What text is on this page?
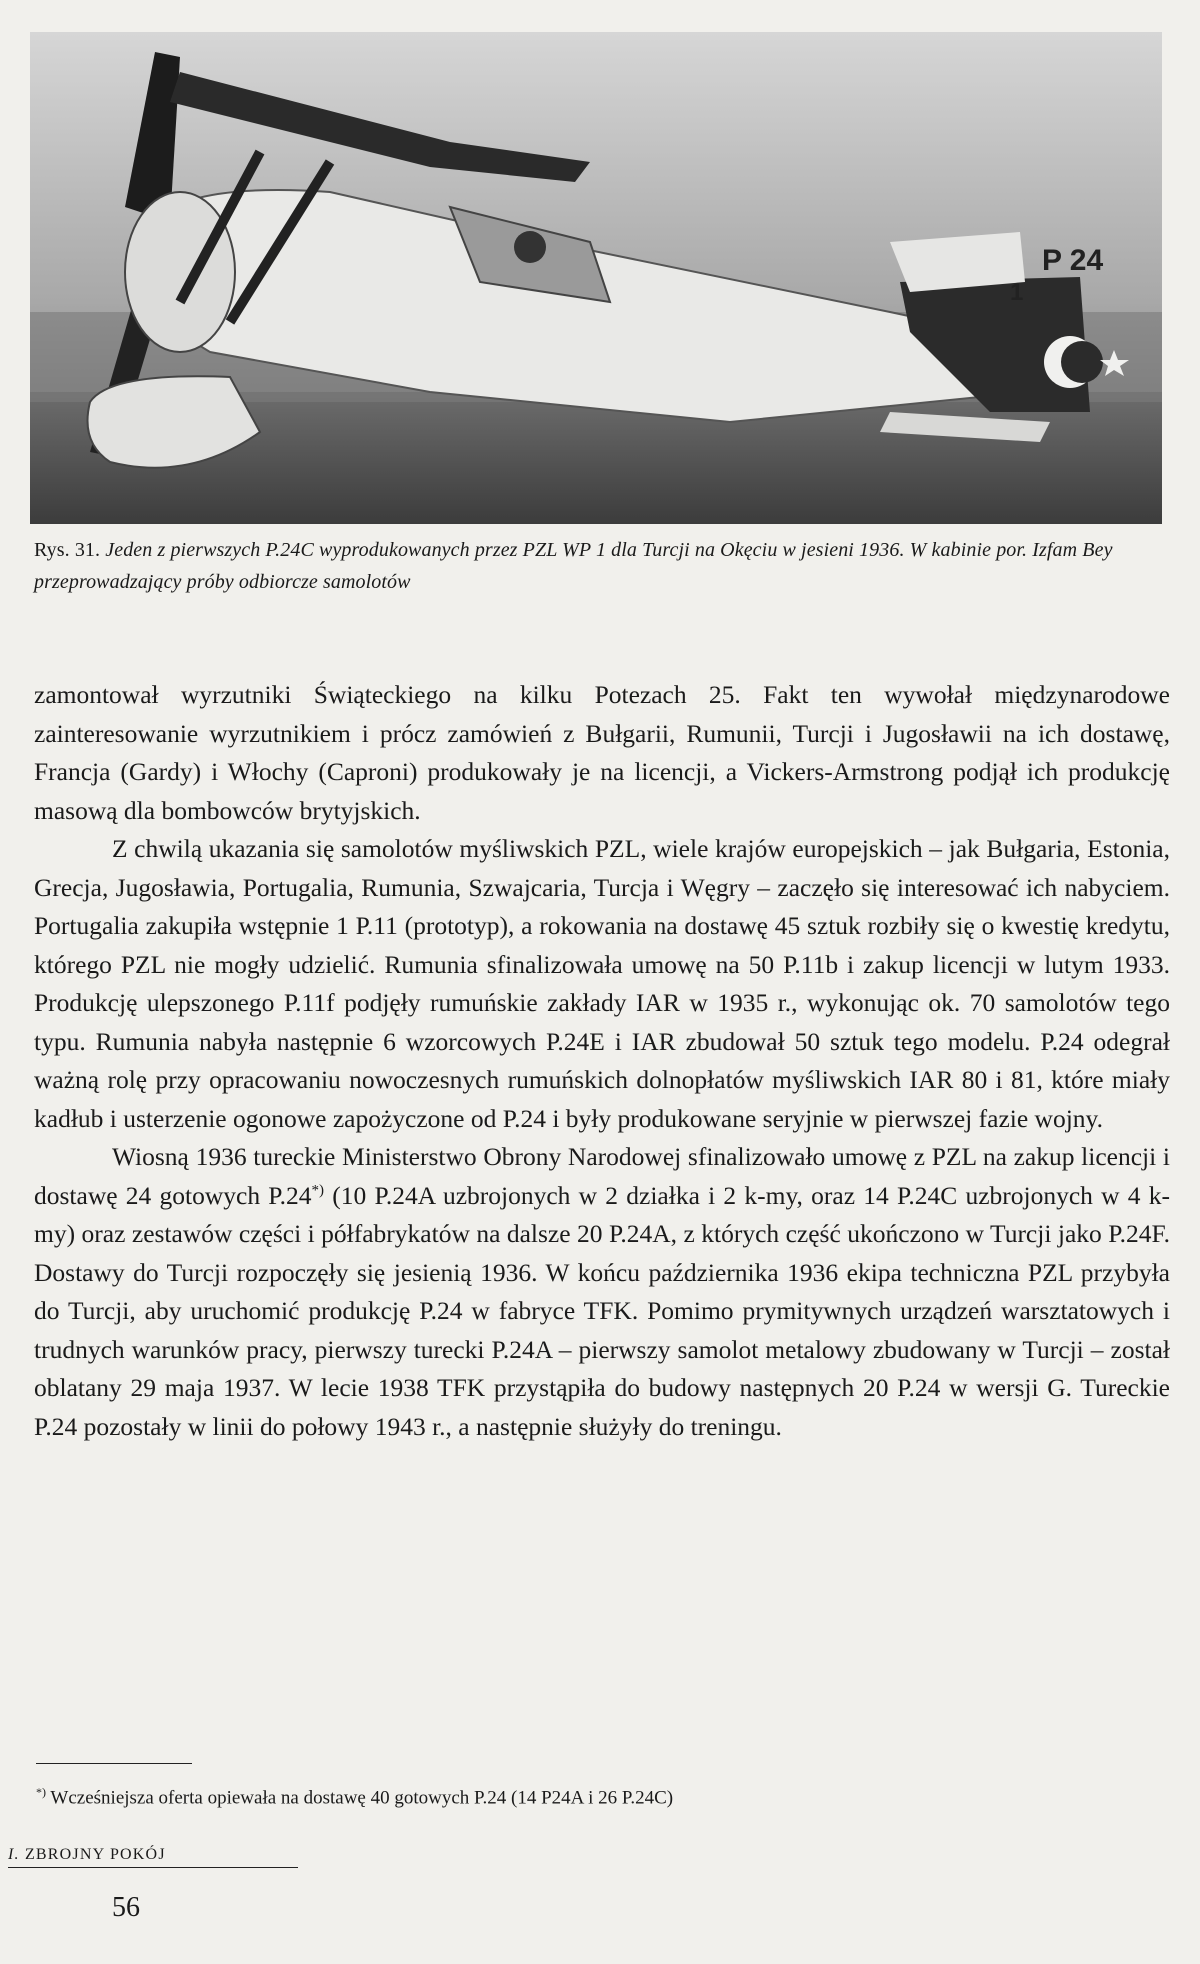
P 24
1
Rys. 31. Jeden z pierwszych P.24C wyprodukowanych przez PZL WP 1 dla Turcji na Okęciu w jesieni 1936. W kabinie por. Izfam Bey przeprowadzający próby odbiorcze samolotów

zamontował wyrzutniki Świąteckiego na kilku Potezach 25. Fakt ten wywołał międzynarodowe zainteresowanie wyrzutnikiem i prócz zamówień z Bułgarii, Rumunii, Turcji i Jugosławii na ich dostawę, Francja (Gardy) i Włochy (Caproni) produkowały je na licencji, a Vickers-Armstrong podjął ich produkcję masową dla bombowców brytyjskich.

Z chwilą ukazania się samolotów myśliwskich PZL, wiele krajów europejskich – jak Bułgaria, Estonia, Grecja, Jugosławia, Portugalia, Rumunia, Szwajcaria, Turcja i Węgry – zaczęło się interesować ich nabyciem. Portugalia zakupiła wstępnie 1 P.11 (prototyp), a rokowania na dostawę 45 sztuk rozbiły się o kwestię kredytu, którego PZL nie mogły udzielić. Rumunia sfinalizowała umowę na 50 P.11b i zakup licencji w lutym 1933. Produkcję ulepszonego P.11f podjęły rumuńskie zakłady IAR w 1935 r., wykonując ok. 70 samolotów tego typu. Rumunia nabyła następnie 6 wzorcowych P.24E i IAR zbudował 50 sztuk tego modelu. P.24 odegrał ważną rolę przy opracowaniu nowoczesnych rumuńskich dolnopłatów myśliwskich IAR 80 i 81, które miały kadłub i usterzenie ogonowe zapożyczone od P.24 i były produkowane seryjnie w pierwszej fazie wojny.

Wiosną 1936 tureckie Ministerstwo Obrony Narodowej sfinalizowało umowę z PZL na zakup licencji i dostawę 24 gotowych P.24*) (10 P.24A uzbrojonych w 2 działka i 2 k-my, oraz 14 P.24C uzbrojonych w 4 k-my) oraz zestawów części i półfabrykatów na dalsze 20 P.24A, z których część ukończono w Turcji jako P.24F. Dostawy do Turcji rozpoczęły się jesienią 1936. W końcu października 1936 ekipa techniczna PZL przybyła do Turcji, aby uruchomić produkcję P.24 w fabryce TFK. Pomimo prymitywnych urządzeń warsztatowych i trudnych warunków pracy, pierwszy turecki P.24A – pierwszy samolot metalowy zbudowany w Turcji – został oblatany 29 maja 1937. W lecie 1938 TFK przystąpiła do budowy następnych 20 P.24 w wersji G. Tureckie P.24 pozostały w linii do połowy 1943 r., a następnie służyły do treningu.

*) Wcześniejsza oferta opiewała na dostawę 40 gotowych P.24 (14 P24A i 26 P.24C)
I. ZBROJNY POKÓJ
56
